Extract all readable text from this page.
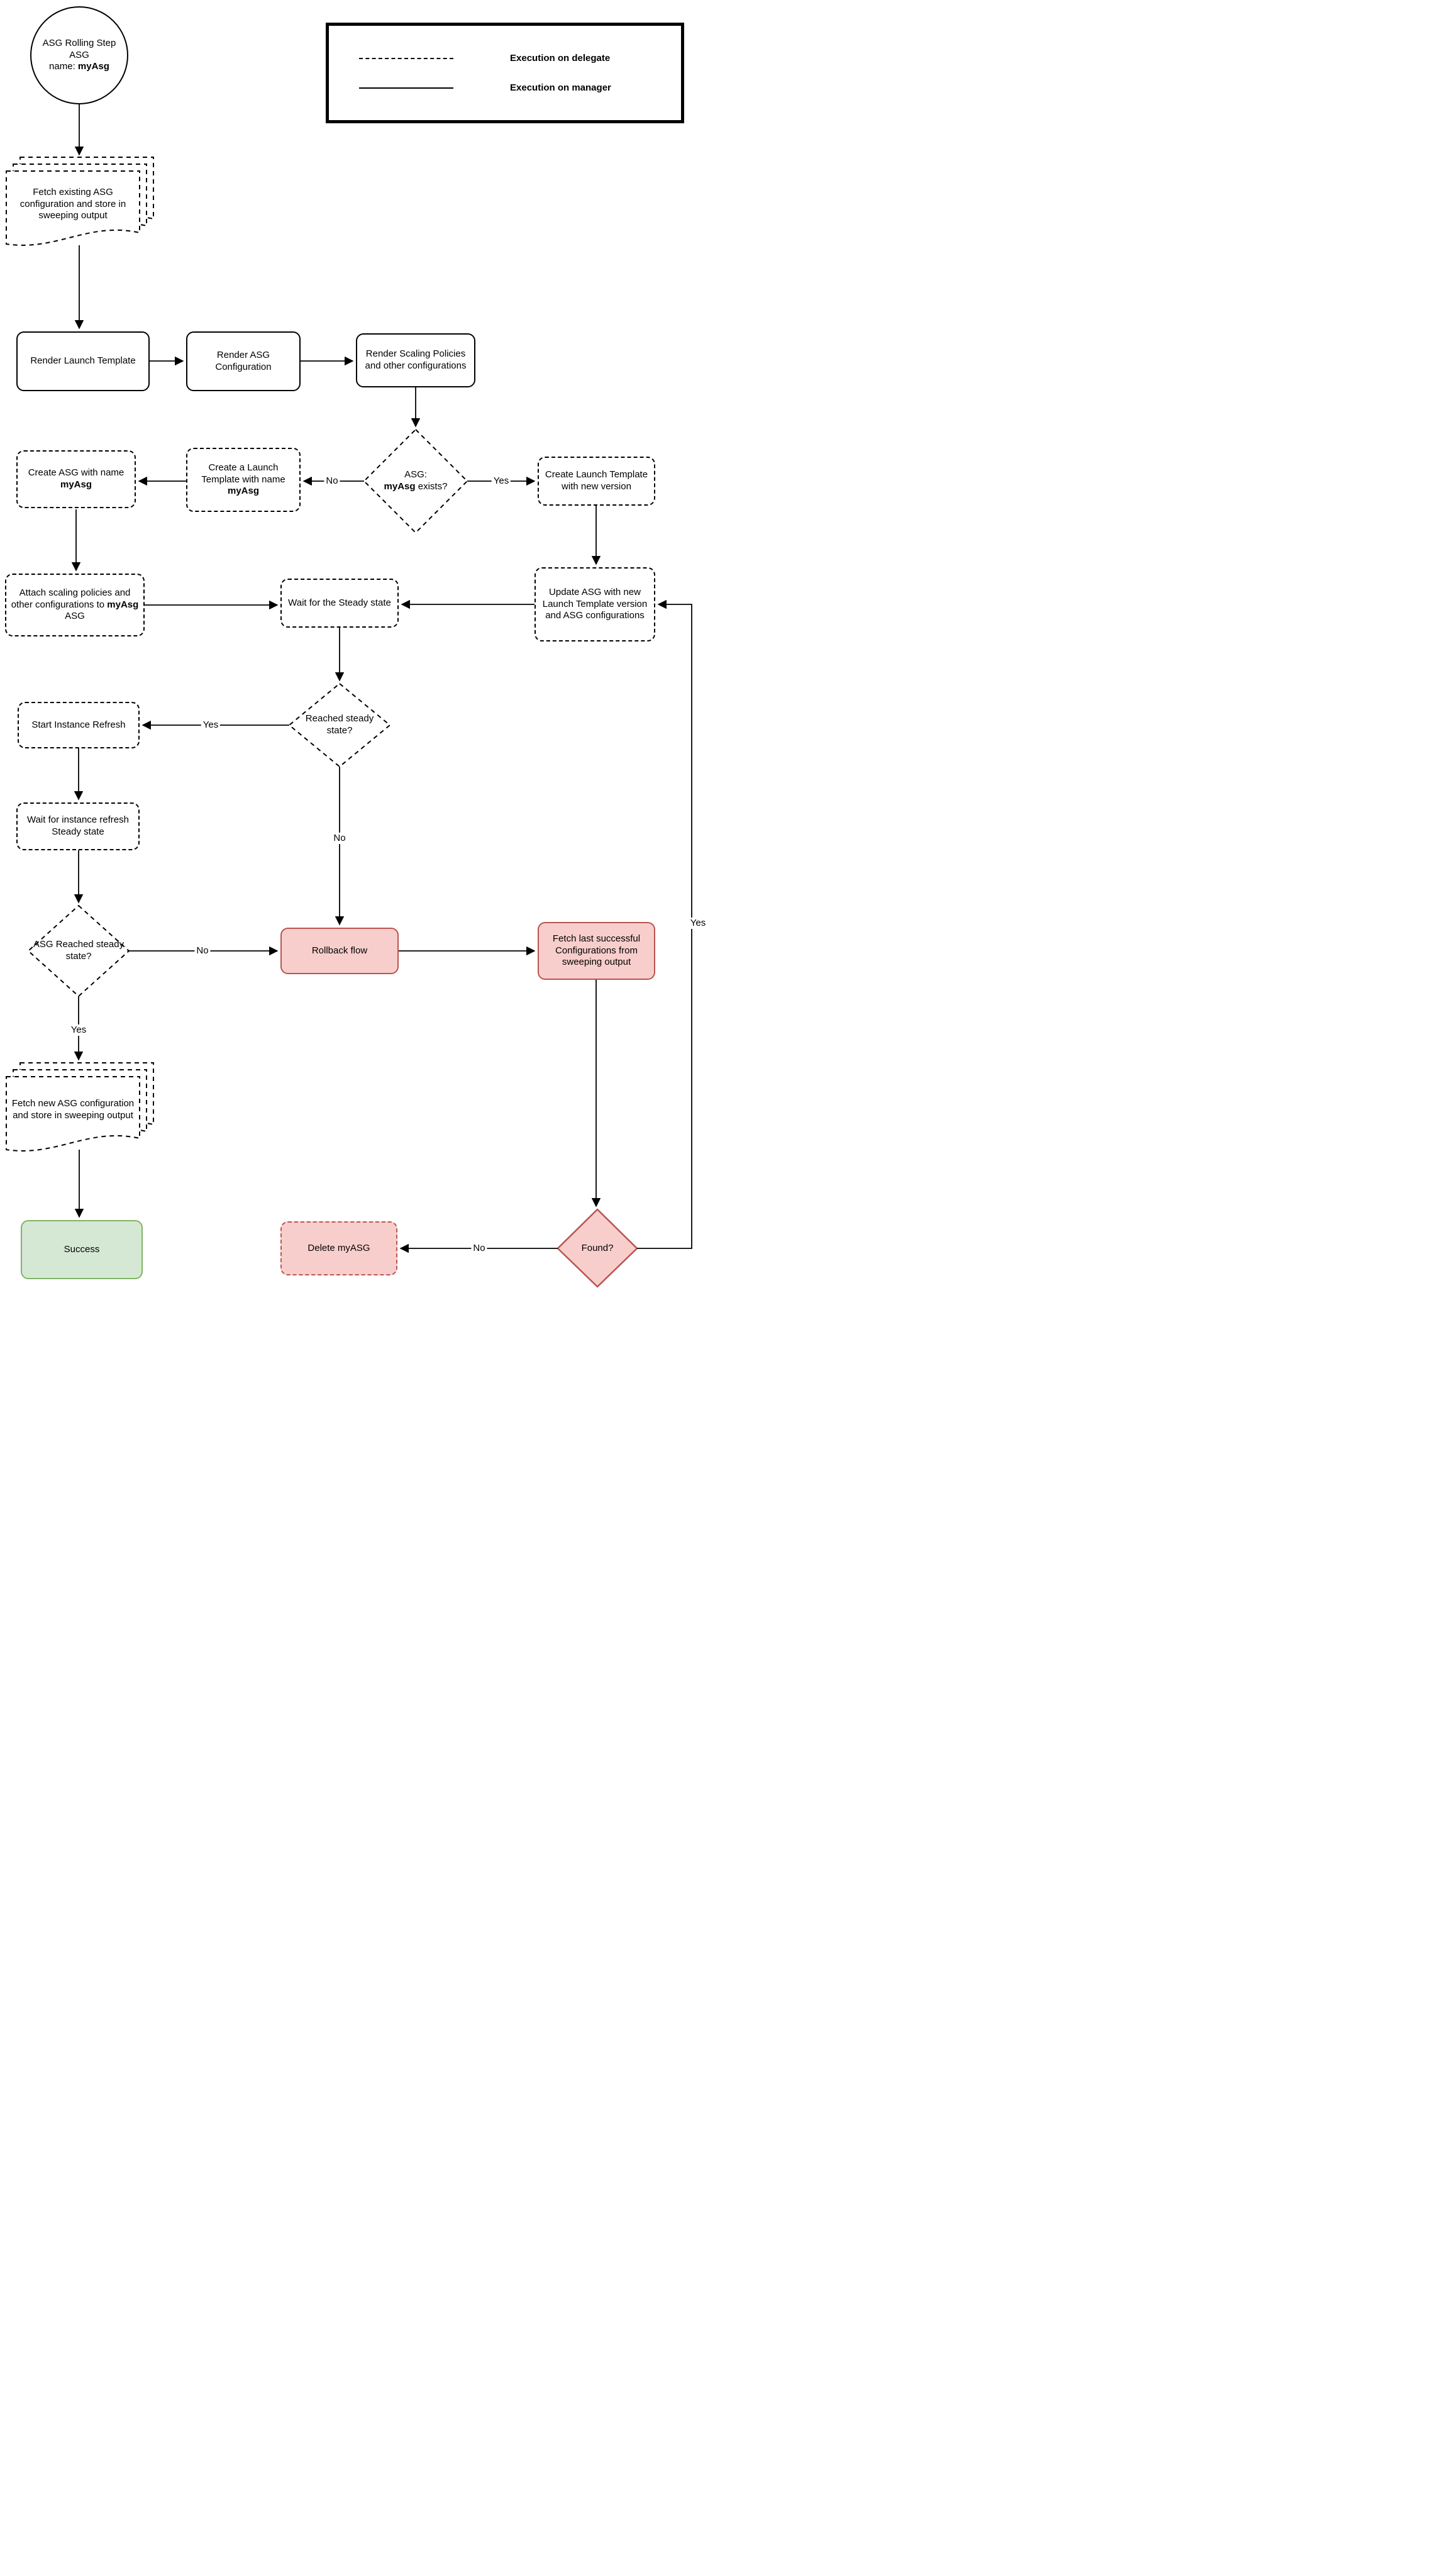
Execution on delegate
Execution on manager
ASG Rolling Step
ASG
name: myAsg
Fetch existing ASG configuration and store in sweeping output
Render Launch Template
Render ASG Configuration
Render Scaling Policies and other configurations
ASG:
myAsg exists?
Create Launch Template with new version
Create a Launch Template with name myAsg
Create ASG with name myAsg
Attach scaling policies and other configurations to myAsg ASG
Wait for the Steady state
Update ASG with new Launch Template version and ASG configurations
Reached steady state?
Start Instance Refresh
Wait for instance refresh Steady state
ASG Reached steady state?
Rollback flow
Fetch last successful Configurations from sweeping output
Fetch new ASG configuration and store in sweeping output
Success	Delete myASG	Found?
No	Yes
Yes
No
No
Yes
No
Yes
